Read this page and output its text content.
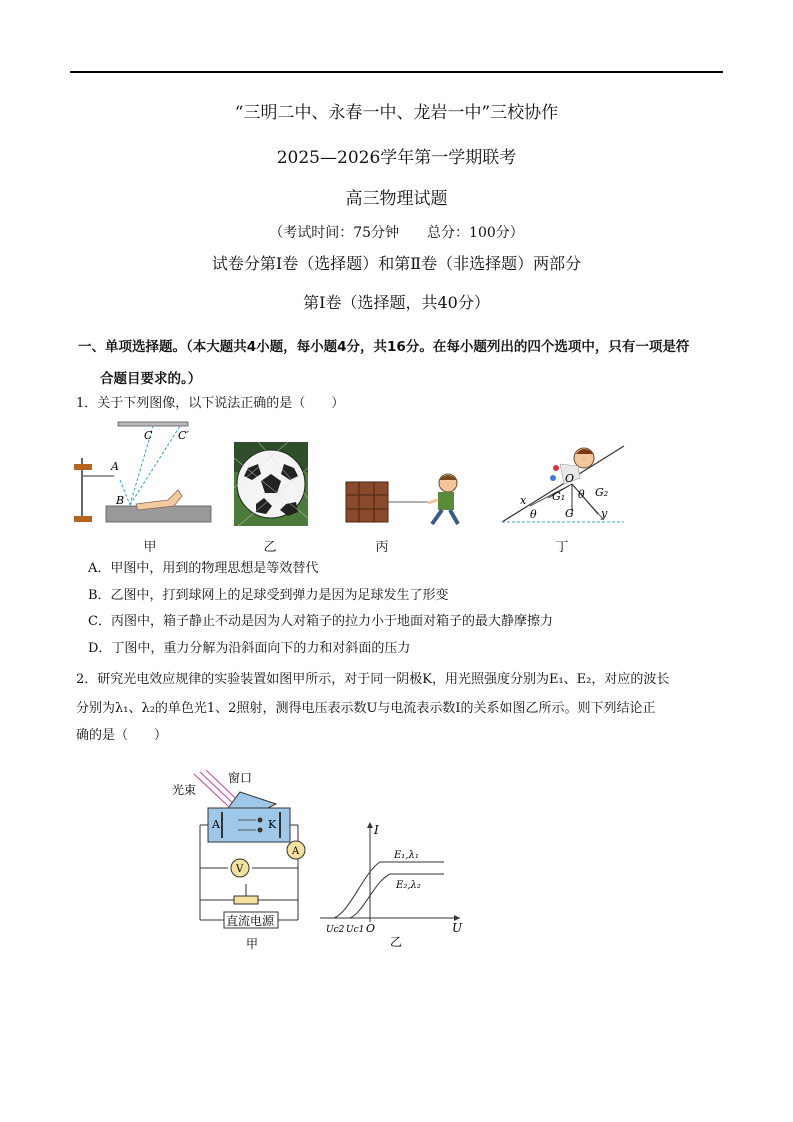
“三明二中、永春一中、龙岩一中”三校协作
2025—2026学年第一学期联考
高三物理试题
（考试时间：75分钟　　总分：100分）
试卷分第Ⅰ卷（选择题）和第Ⅱ卷（非选择题）两部分
第Ⅰ卷（选择题，共40分）
一、单项选择题。（本大题共4小题，每小题4分，共16分。在每小题列出的四个选项中，只有一项是符
合题目要求的。）
1．关于下列图像，以下说法正确的是（　　）
A
B
C C′
x
y
O
G
G₁	G₂
θ
θ
甲	乙	丙	丁
A．甲图中，用到的物理思想是等效替代
B．乙图中，打到球网上的足球受到弹力是因为足球发生了形变
C．丙图中，箱子静止不动是因为人对箱子的拉力小于地面对箱子的最大静摩擦力
D．丁图中，重力分解为沿斜面向下的力和对斜面的压力
2．研究光电效应规律的实验装置如图甲所示，对于同一阴极K，用光照强度分别为E₁、E₂，对应的波长
分别为λ₁、λ₂的单色光1、2照射，测得电压表示数U与电流表示数I的关系如图乙所示。则下列结论正
确的是（　　）
A
V
直流电源
光束
窗口
A	K
甲
I
U
O
Uc2 Uc1
E₁,λ₁
E₂,λ₂
乙
